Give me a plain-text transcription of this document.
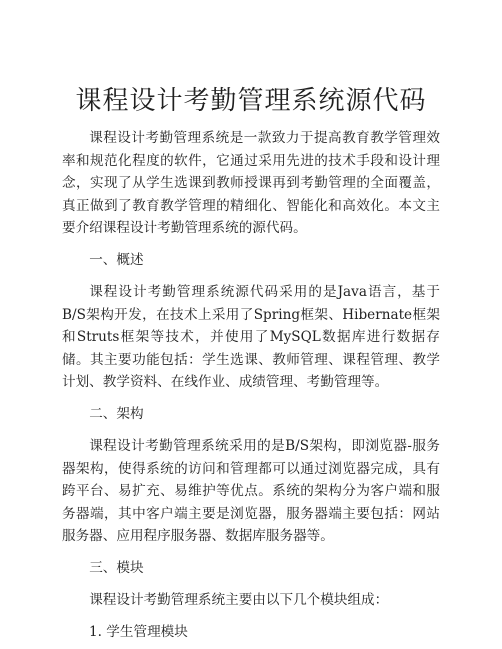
课程设计考勤管理系统源代码

课程设计考勤管理系统是一款致力于提高教育教学管理效率和规范化程度的软件，它通过采用先进的技术手段和设计理念，实现了从学生选课到教师授课再到考勤管理的全面覆盖，真正做到了教育教学管理的精细化、智能化和高效化。本文主要介绍课程设计考勤管理系统的源代码。

一、概述

课程设计考勤管理系统源代码采用的是Java语言，基于B/S架构开发，在技术上采用了Spring框架、Hibernate框架和Struts框架等技术，并使用了MySQL数据库进行数据存储。其主要功能包括：学生选课、教师管理、课程管理、教学计划、教学资料、在线作业、成绩管理、考勤管理等。

二、架构

课程设计考勤管理系统采用的是B/S架构，即浏览器-服务器架构，使得系统的访问和管理都可以通过浏览器完成，具有跨平台、易扩充、易维护等优点。系统的架构分为客户端和服务器端，其中客户端主要是浏览器，服务器端主要包括：网站服务器、应用程序服务器、数据库服务器等。

三、模块

课程设计考勤管理系统主要由以下几个模块组成：

1. 学生管理模块
